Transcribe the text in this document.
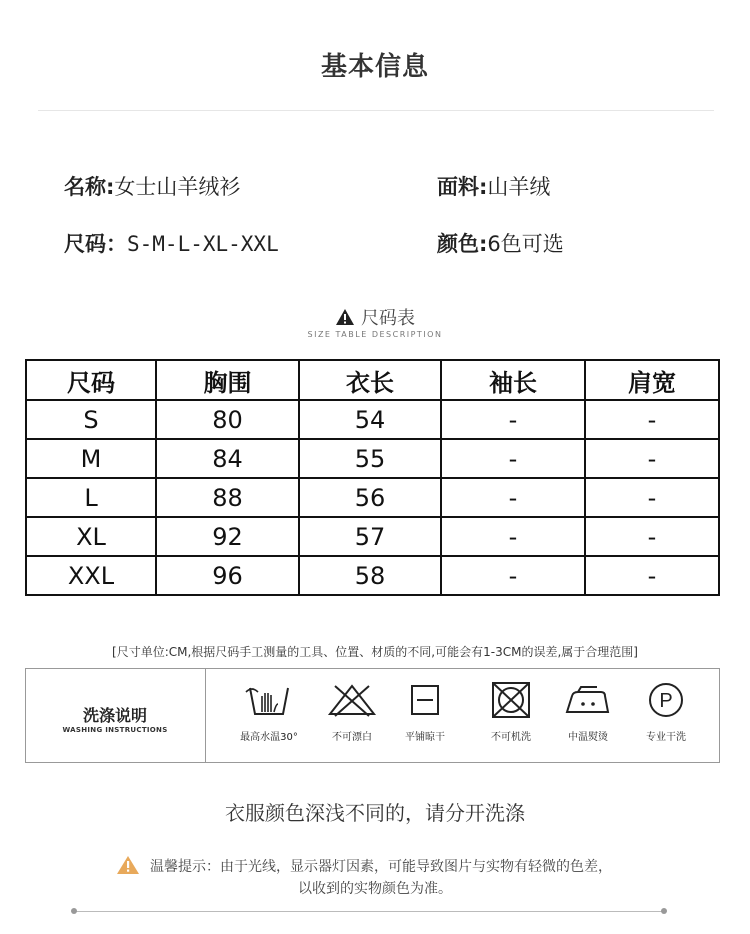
基本信息
名称:女士山羊绒衫	面料:山羊绒
尺码：S-M-L-XL-XXL	颜色:6色可选
尺码表
SIZE TABLE DESCRIPTION
尺码	胸围	衣长	袖长	肩宽
S	80	54	-	-
M	84	55	-	-
L	88	56	-	-
XL	92	57	-	-
XXL	96	58	-	-
[尺寸单位:CM,根据尺码手工测量的工具、位置、材质的不同,可能会有1-3CM的误差,属于合理范围]
洗涤说明
WASHING INSTRUCTIONS
最高水温30°	不可漂白	平铺晾干	不可机洗	中温熨烫
P
专业干洗
衣服颜色深浅不同的，请分开洗涤
温馨提示：由于光线，显示器灯因素，可能导致图片与实物有轻微的色差，
以收到的实物颜色为准。
